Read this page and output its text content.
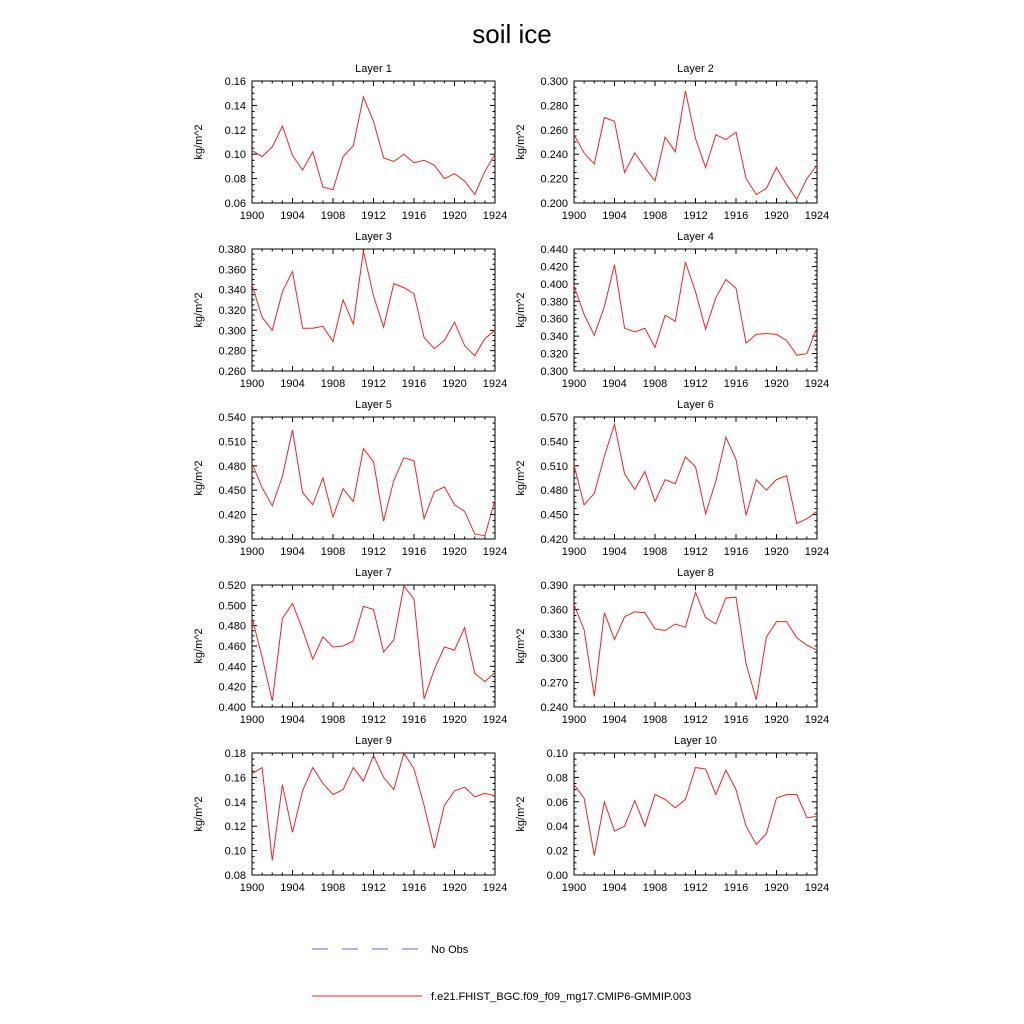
soil ice
Layer 1
1900 1904 1908 1912 1916 1920 1924
0.06
0.08
0.10
0.12
0.14
0.16
kg/m^2
Layer 2
1900 1904 1908 1912 1916 1920 1924
0.200
0.220
0.240
0.260
0.280
0.300
kg/m^2
Layer 3
1900 1904 1908 1912 1916 1920 1924
0.260
0.280
0.300
0.320
0.340
0.360
0.380
kg/m^2
Layer 4
1900 1904 1908 1912 1916 1920 1924
0.300
0.320
0.340
0.360
0.380
0.400
0.420
0.440
kg/m^2
Layer 5
1900 1904 1908 1912 1916 1920 1924
0.390
0.420
0.450
0.480
0.510
0.540
kg/m^2
Layer 6
1900 1904 1908 1912 1916 1920 1924
0.420
0.450
0.480
0.510
0.540
0.570
kg/m^2
Layer 7
1900 1904 1908 1912 1916 1920 1924
0.400
0.420
0.440
0.460
0.480
0.500
0.520
kg/m^2
Layer 8
1900 1904 1908 1912 1916 1920 1924
0.240
0.270
0.300
0.330
0.360
0.390
kg/m^2
Layer 9
1900 1904 1908 1912 1916 1920 1924
0.08
0.10
0.12
0.14
0.16
0.18
kg/m^2
Layer 10
1900 1904 1908 1912 1916 1920 1924
0.00
0.02
0.04
0.06
0.08
0.10
kg/m^2
No Obs
f.e21.FHIST_BGC.f09_f09_mg17.CMIP6-GMMIP.003
